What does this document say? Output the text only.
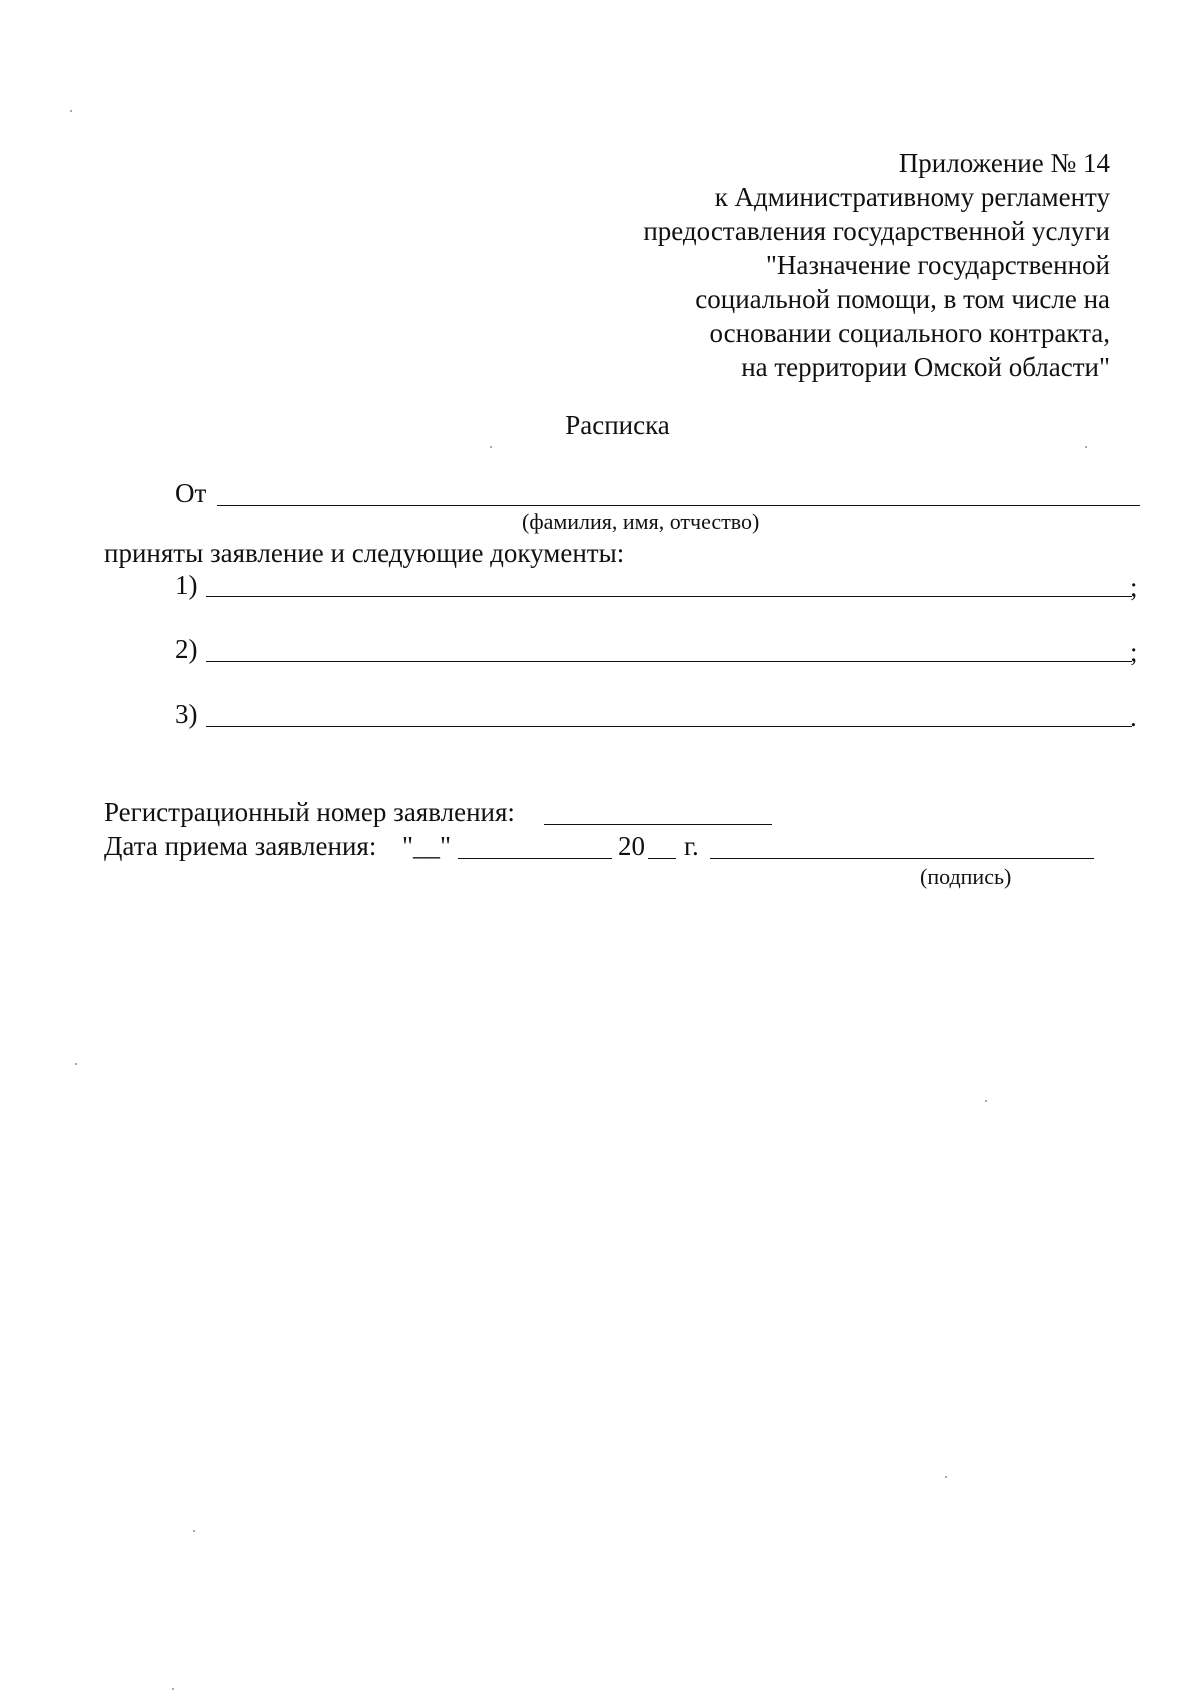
Приложение № 14
к Административному регламенту
предоставления государственной услуги
"Назначение государственной
социальной помощи, в том числе на
основании социального контракта,
на территории Омской области"
Расписка
От
(фамилия, имя, отчество)
приняты заявление и следующие документы:
1)	;
2)	;
3)	.
Регистрационный номер заявления:
Дата приема заявления: "__"	20 г.
(подпись)
